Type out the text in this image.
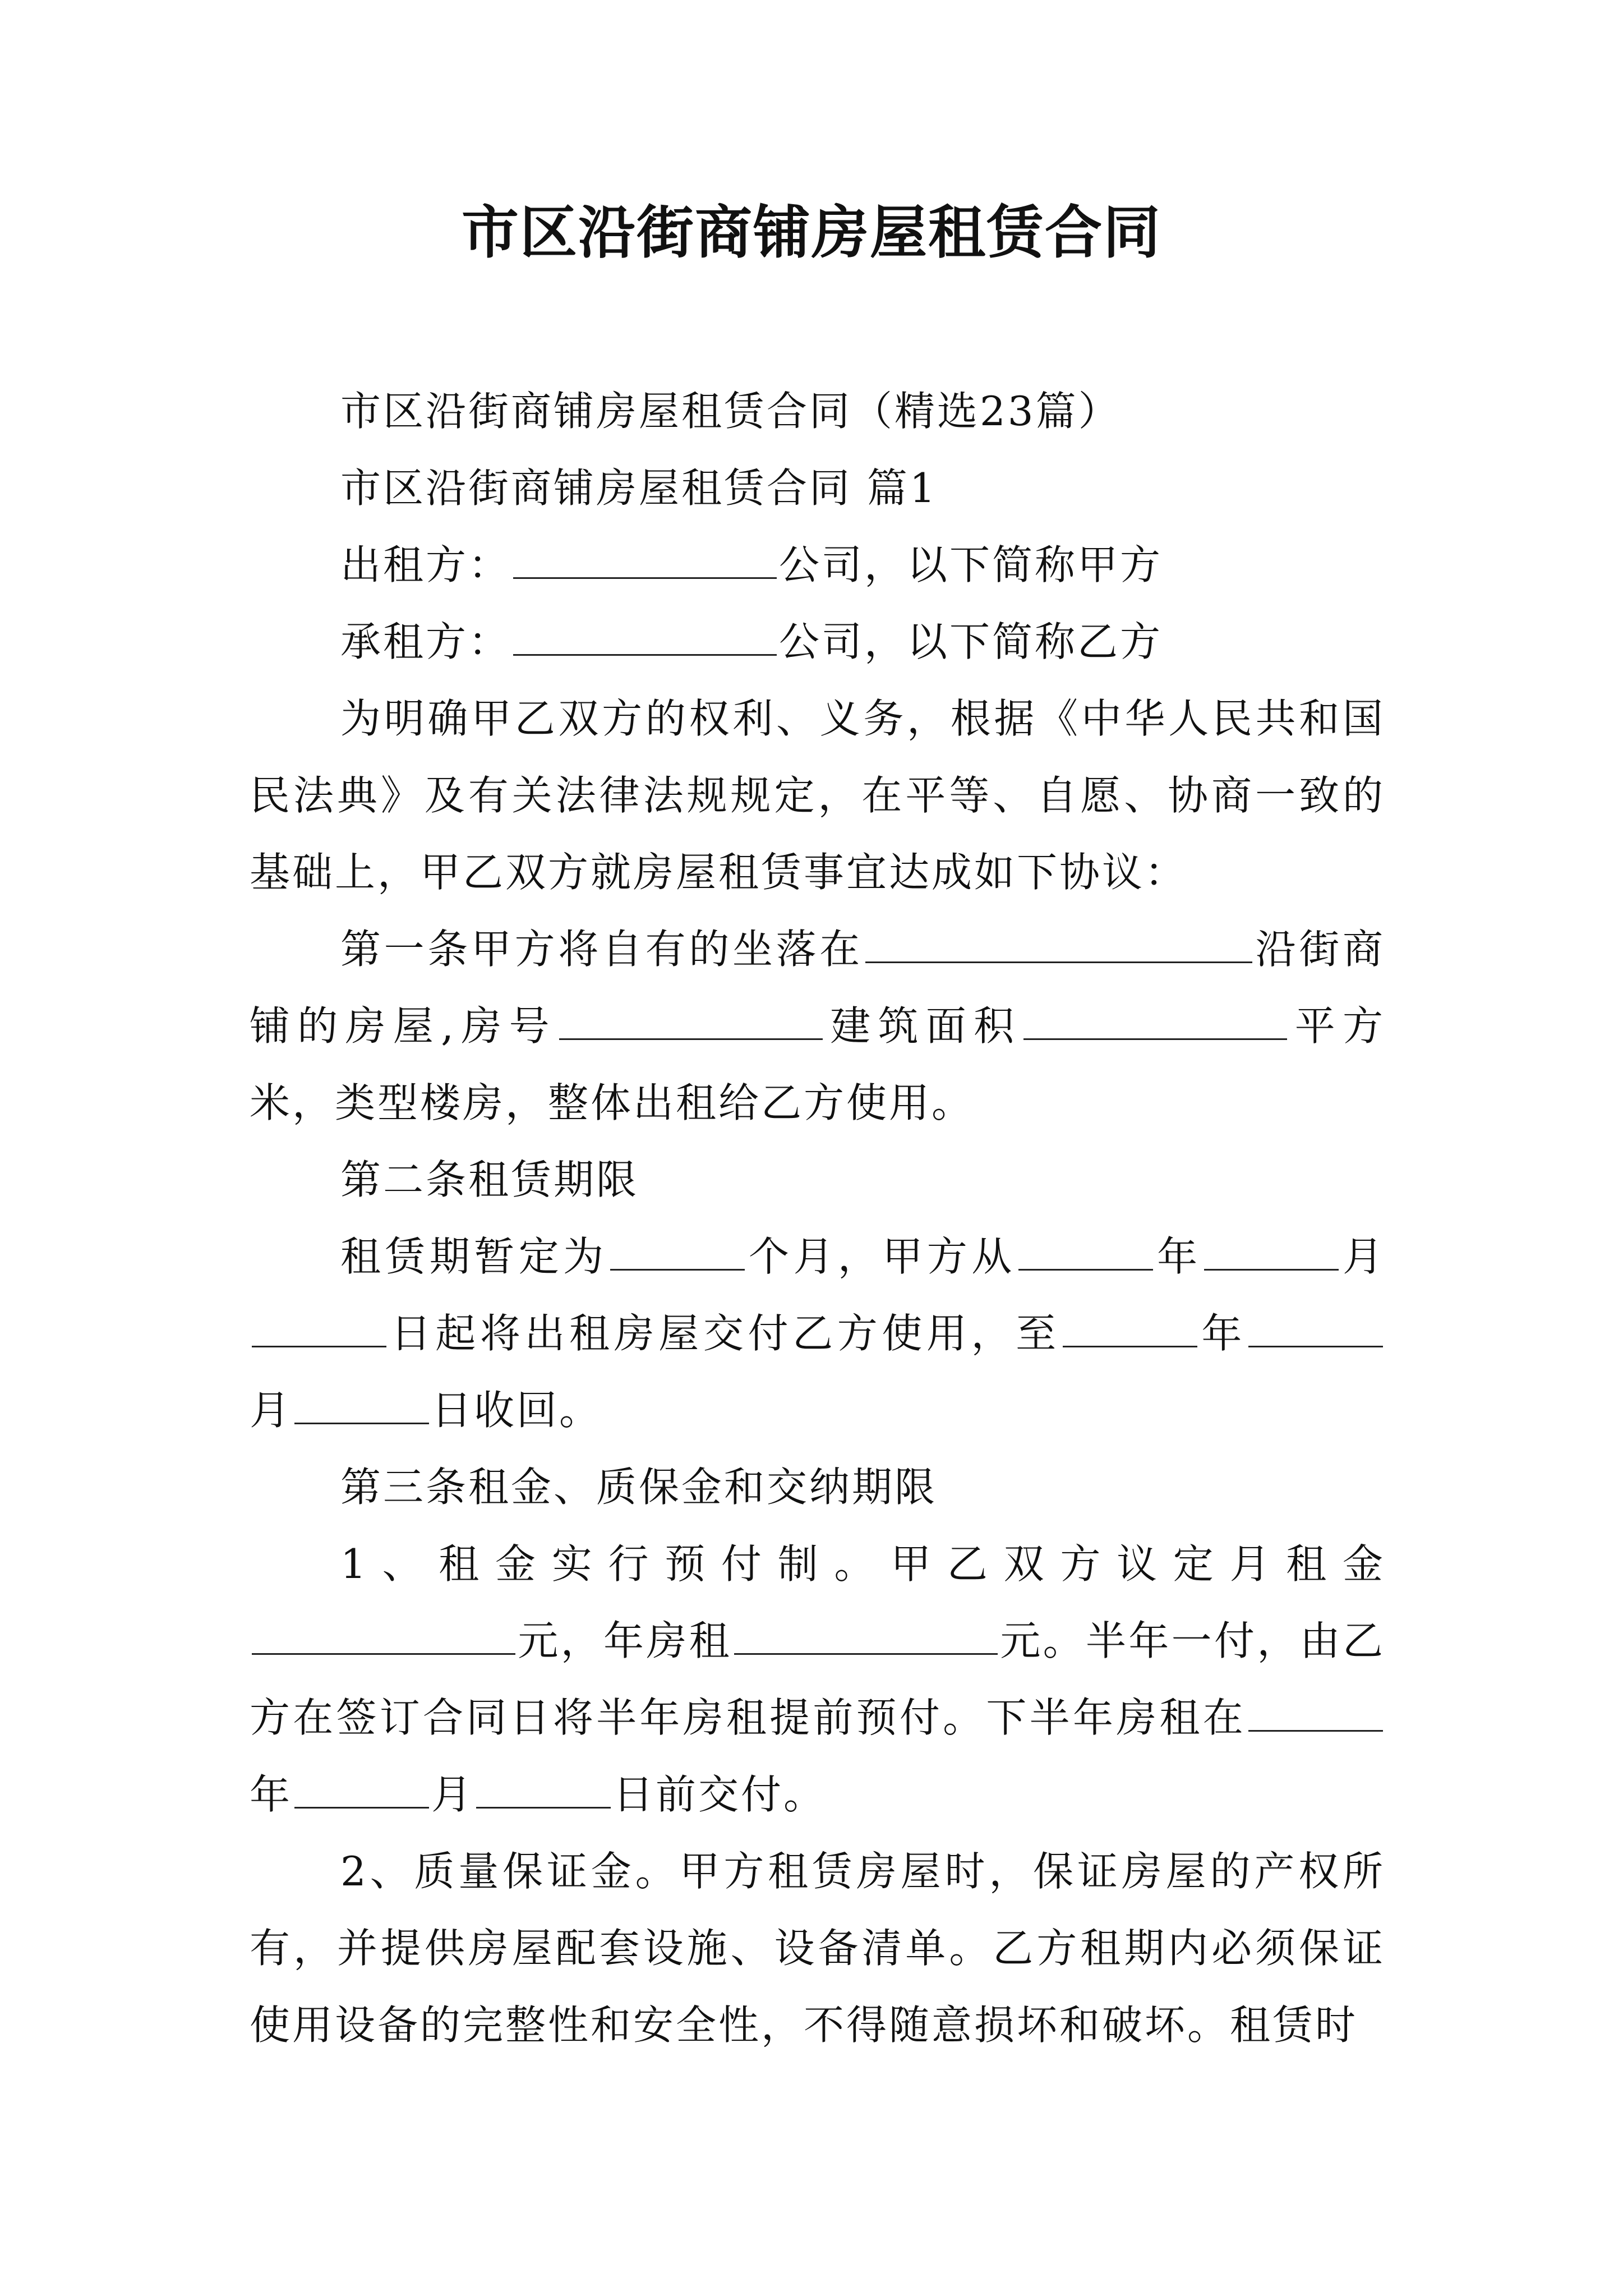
市区沿街商铺房屋租赁合同

市区沿街商铺房屋租赁合同（精选23篇）

市区沿街商铺房屋租赁合同 篇1

出租方：	公司，以下简称甲方

承租方：	公司，以下简称乙方

为明确甲乙双方的权利、义务，根据《中华人民共和国民法典》及有关法律法规规定，在平等、自愿、协商一致的基础上，甲乙双方就房屋租赁事宜达成如下协议：

第一条甲方将自有的坐落在	沿街商铺的房屋,房号	建筑面积	平方米，类型楼房，整体出租给乙方使用。

第二条租赁期限

租赁期暂定为	个月，甲方从	年	月日起将出租房屋交付乙方使用，至	年月	日收回。

第三条租金、质保金和交纳期限

1、租金实行预付制。甲乙双方议定月租金元，年房租	元。半年一付，由乙方在签订合同日将半年房租提前预付。下半年房租在年	月	日前交付。

2、质量保证金。甲方租赁房屋时，保证房屋的产权所有，并提供房屋配套设施、设备清单。乙方租期内必须保证使用设备的完整性和安全性，不得随意损坏和破坏。租赁时
